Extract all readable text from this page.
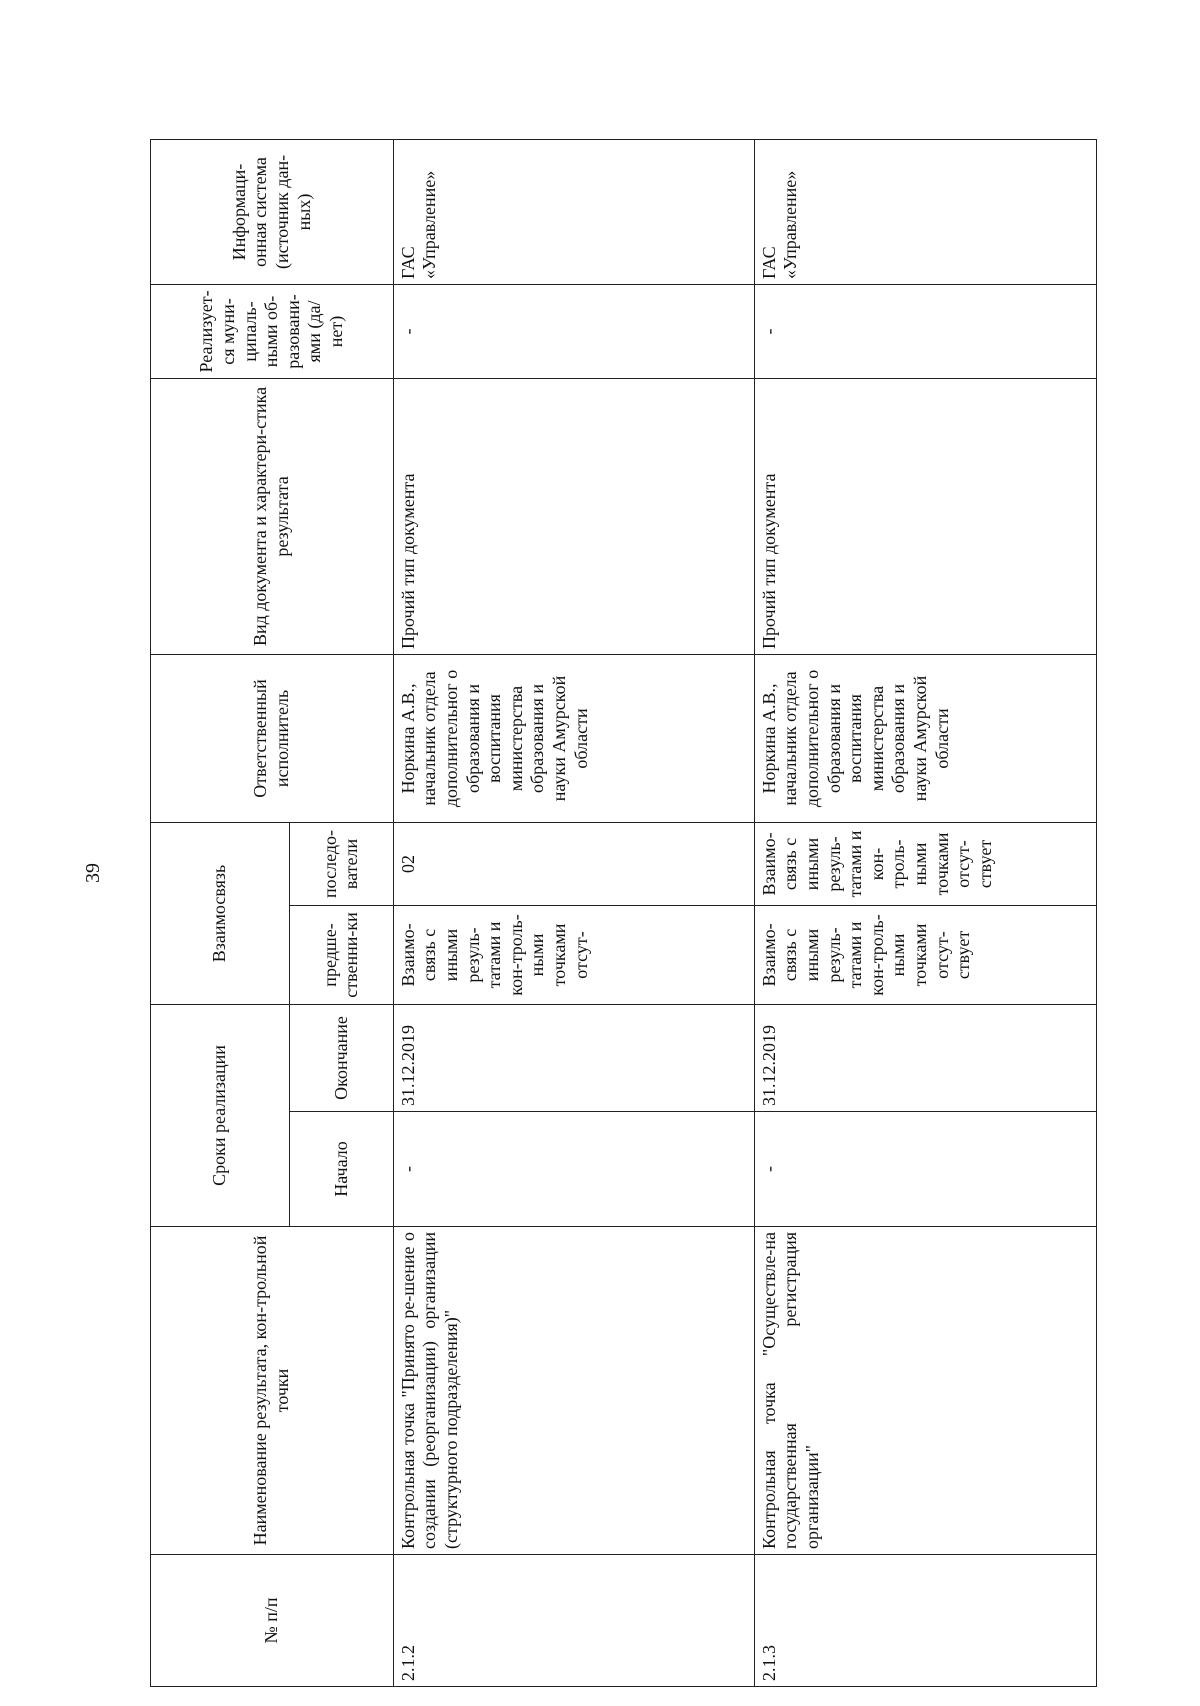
39
№ п/п	Наименование результата, кон-трольной точки	Сроки реализации		Взаимосвязь		Ответственный исполнитель	Вид документа и характери-стика результата	Реализует-ся муни-ципаль-ными об-разовани-ями (да/нет)	Информаци-онная система (источник дан-ных)
		Начало	Окончание	предше-ственни-ки	последо-ватели				
2.1.2	Контрольная точка "Принято ре-шение о создании (реорганизации) организации (структурного подразделения)"	-	31.12.2019	Взаимо-связь с иными резуль-татами и кон-троль-ными точками отсут-	02	Норкина А.В., начальник отдела дополнительног о образования и воспитания министерства образования и науки Амурской области	Прочий тип документа	-	ГАС «Управление»
2.1.3	Контрольная точка "Осуществле-на государственная регистрация организации"	-	31.12.2019	Взаимо-связь с иными резуль-татами и кон-троль-ными точками отсут-ствует	Взаимо-связь с иными резуль-татами и кон-троль-ными точками отсут-ствует	Норкина А.В., начальник отдела дополнительног о образования и воспитания министерства образования и науки Амурской области	Прочий тип документа	-	ГАС «Управление»
